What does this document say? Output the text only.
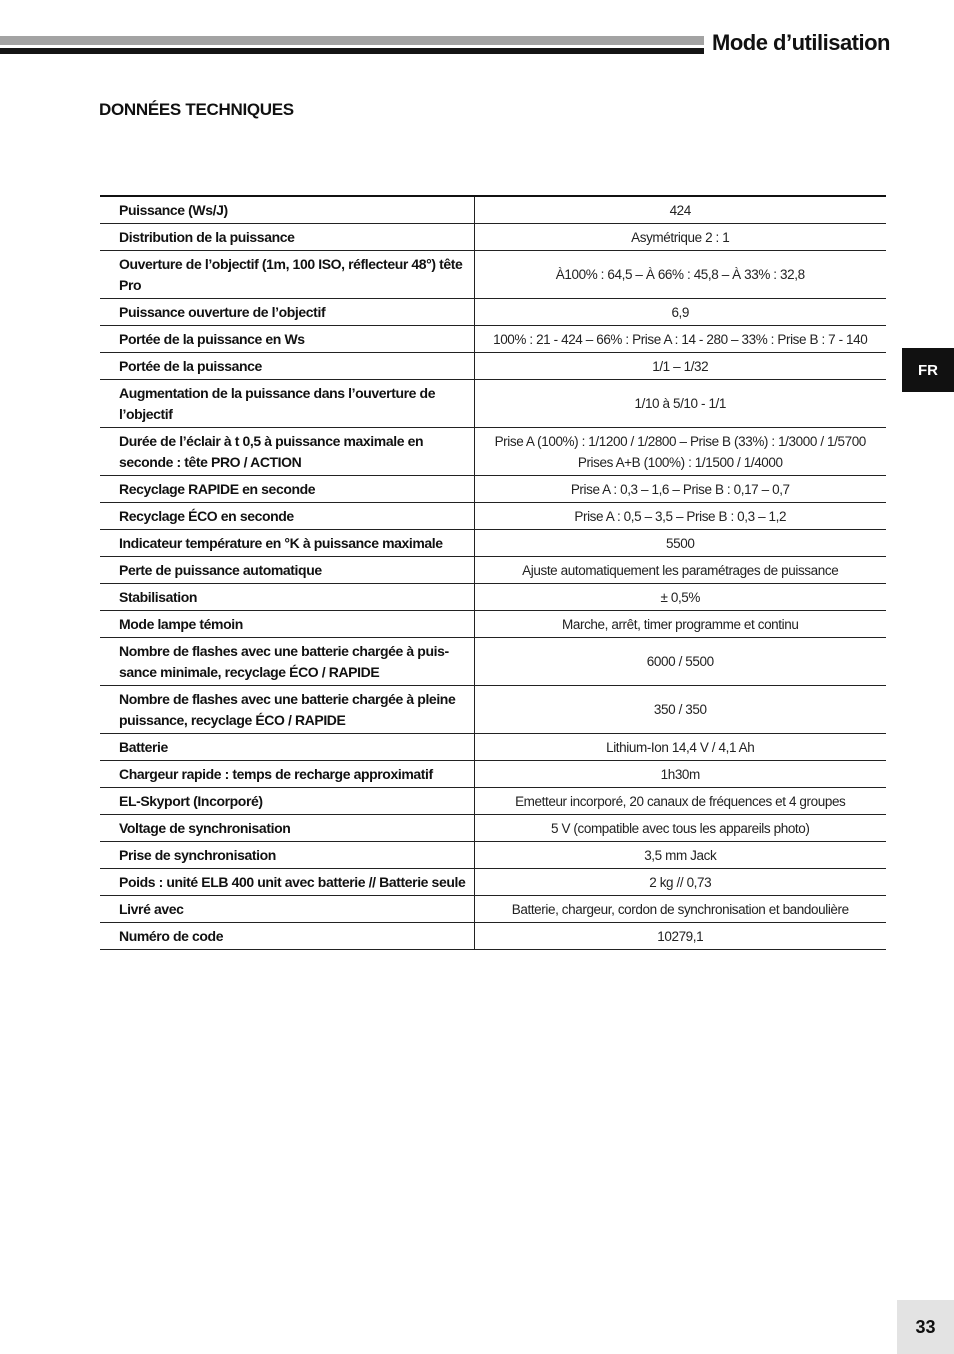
Mode d’utilisation
DONNÉES TECHNIQUES
FR
Puissance (Ws/J)	424
Distribution de la puissance	Asymétrique 2 : 1
Ouverture de l’objectif (1m, 100 ISO, réflecteur 48°) tête Pro	À100% : 64,5 – À 66% : 45,8 – À 33% : 32,8
Puissance ouverture de l’objectif	6,9
Portée de la puissance en Ws	100% : 21 - 424 – 66% : Prise A : 14 - 280 – 33% : Prise B : 7 - 140
Portée de la puissance	1/1 – 1/32
Augmentation de la puissance dans l’ouverture de l’objectif	1/10 à 5/10 - 1/1
Durée de l’éclair à t 0,5 à puissance maximale en seconde : tête PRO / ACTION	Prise A (100%) : 1/1200 / 1/2800 – Prise B (33%) : 1/3000 / 1/5700 Prises A+B (100%) : 1/1500 / 1/4000
Recyclage RAPIDE en seconde	Prise A : 0,3 – 1,6 – Prise B : 0,17 – 0,7
Recyclage ÉCO en seconde	Prise A : 0,5 – 3,5 – Prise B : 0,3 – 1,2
Indicateur température en °K à puissance maximale	5500
Perte de puissance automatique	Ajuste automatiquement les paramétrages de puissance
Stabilisation	± 0,5%
Mode lampe témoin	Marche, arrêt, timer programme et continu
Nombre de flashes avec une batterie chargée à puis-sance minimale, recyclage ÉCO / RAPIDE	6000 / 5500
Nombre de flashes avec une batterie chargée à pleine puissance, recyclage ÉCO / RAPIDE	350 / 350
Batterie	Lithium-Ion 14,4 V / 4,1 Ah
Chargeur rapide : temps de recharge approximatif	1h30m
EL-Skyport (Incorporé)	Emetteur incorporé, 20 canaux de fréquences et 4 groupes
Voltage de synchronisation	5 V (compatible avec tous les appareils photo)
Prise de synchronisation	3,5 mm Jack
Poids : unité ELB 400 unit avec batterie // Batterie seule	2 kg // 0,73
Livré avec	Batterie, chargeur, cordon de synchronisation et bandoulière
Numéro de code	10279,1
33
